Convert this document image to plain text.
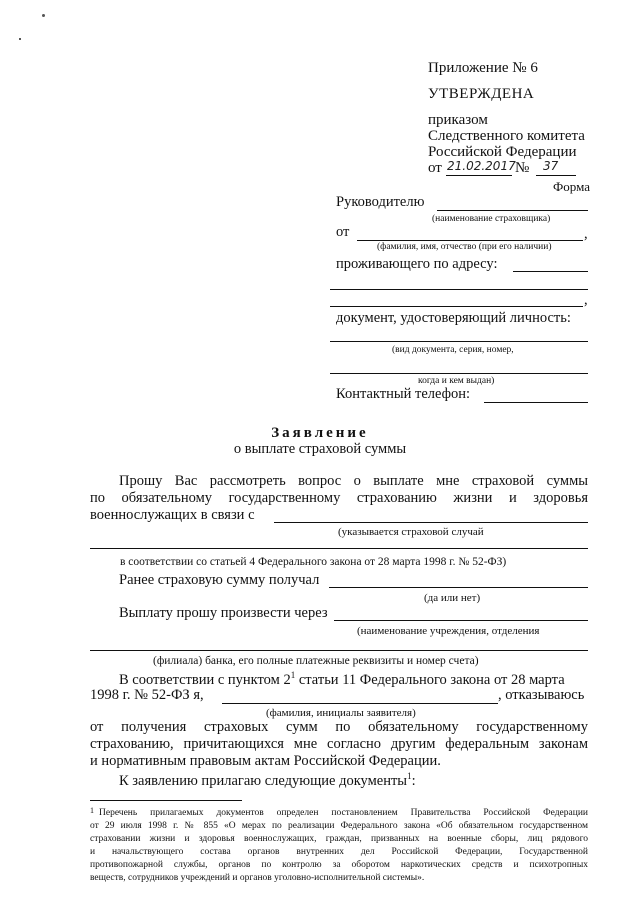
Приложение № 6
УТВЕРЖДЕНА
приказом
Следственного комитета
Российской Федерации
от 21.02.2017 № 37
Форма
Руководителю
(наименование страховщика)
от	,
(фамилия, имя, отчество (при его наличии)
проживающего по адресу:
,
документ, удостоверяющий личность:
(вид документа, серия, номер,
когда и кем выдан)
Контактный телефон:
Заявление
о выплате страховой суммы
Прошу Вас рассмотреть вопрос о выплате мне страховой суммы
по обязательному государственному страхованию жизни и здоровья
военнослужащих в связи с
(указывается страховой случай
в соответствии со статьей 4 Федерального закона от 28 марта 1998 г. № 52-ФЗ)
Ранее страховую сумму получал
(да или нет)
Выплату прошу произвести через
(наименование учреждения, отделения
(филиала) банка, его полные платежные реквизиты и номер счета)
В соответствии с пунктом $2^1$ статьи 11 Федерального закона от 28 марта
1998 г. № 52-ФЗ я,	, отказываюсь
(фамилия, инициалы заявителя)
от получения страховых сумм по обязательному государственному
страхованию, причитающихся мне согласно другим федеральным законам
и нормативным правовым актам Российской Федерации.
К заявлению прилагаю следующие документы$^1$:
1 Перечень прилагаемых документов определен постановлением Правительства Российской Федерации
от 29 июля 1998 г. № 855 «О мерах по реализации Федерального закона «Об обязательном государственном
страховании жизни и здоровья военнослужащих, граждан, призванных на военные сборы, лиц рядового
и начальствующего состава органов внутренних дел Российской Федерации, Государственной
противопожарной службы, органов по контролю за оборотом наркотических средств и психотропных
веществ, сотрудников учреждений и органов уголовно-исполнительной системы».
